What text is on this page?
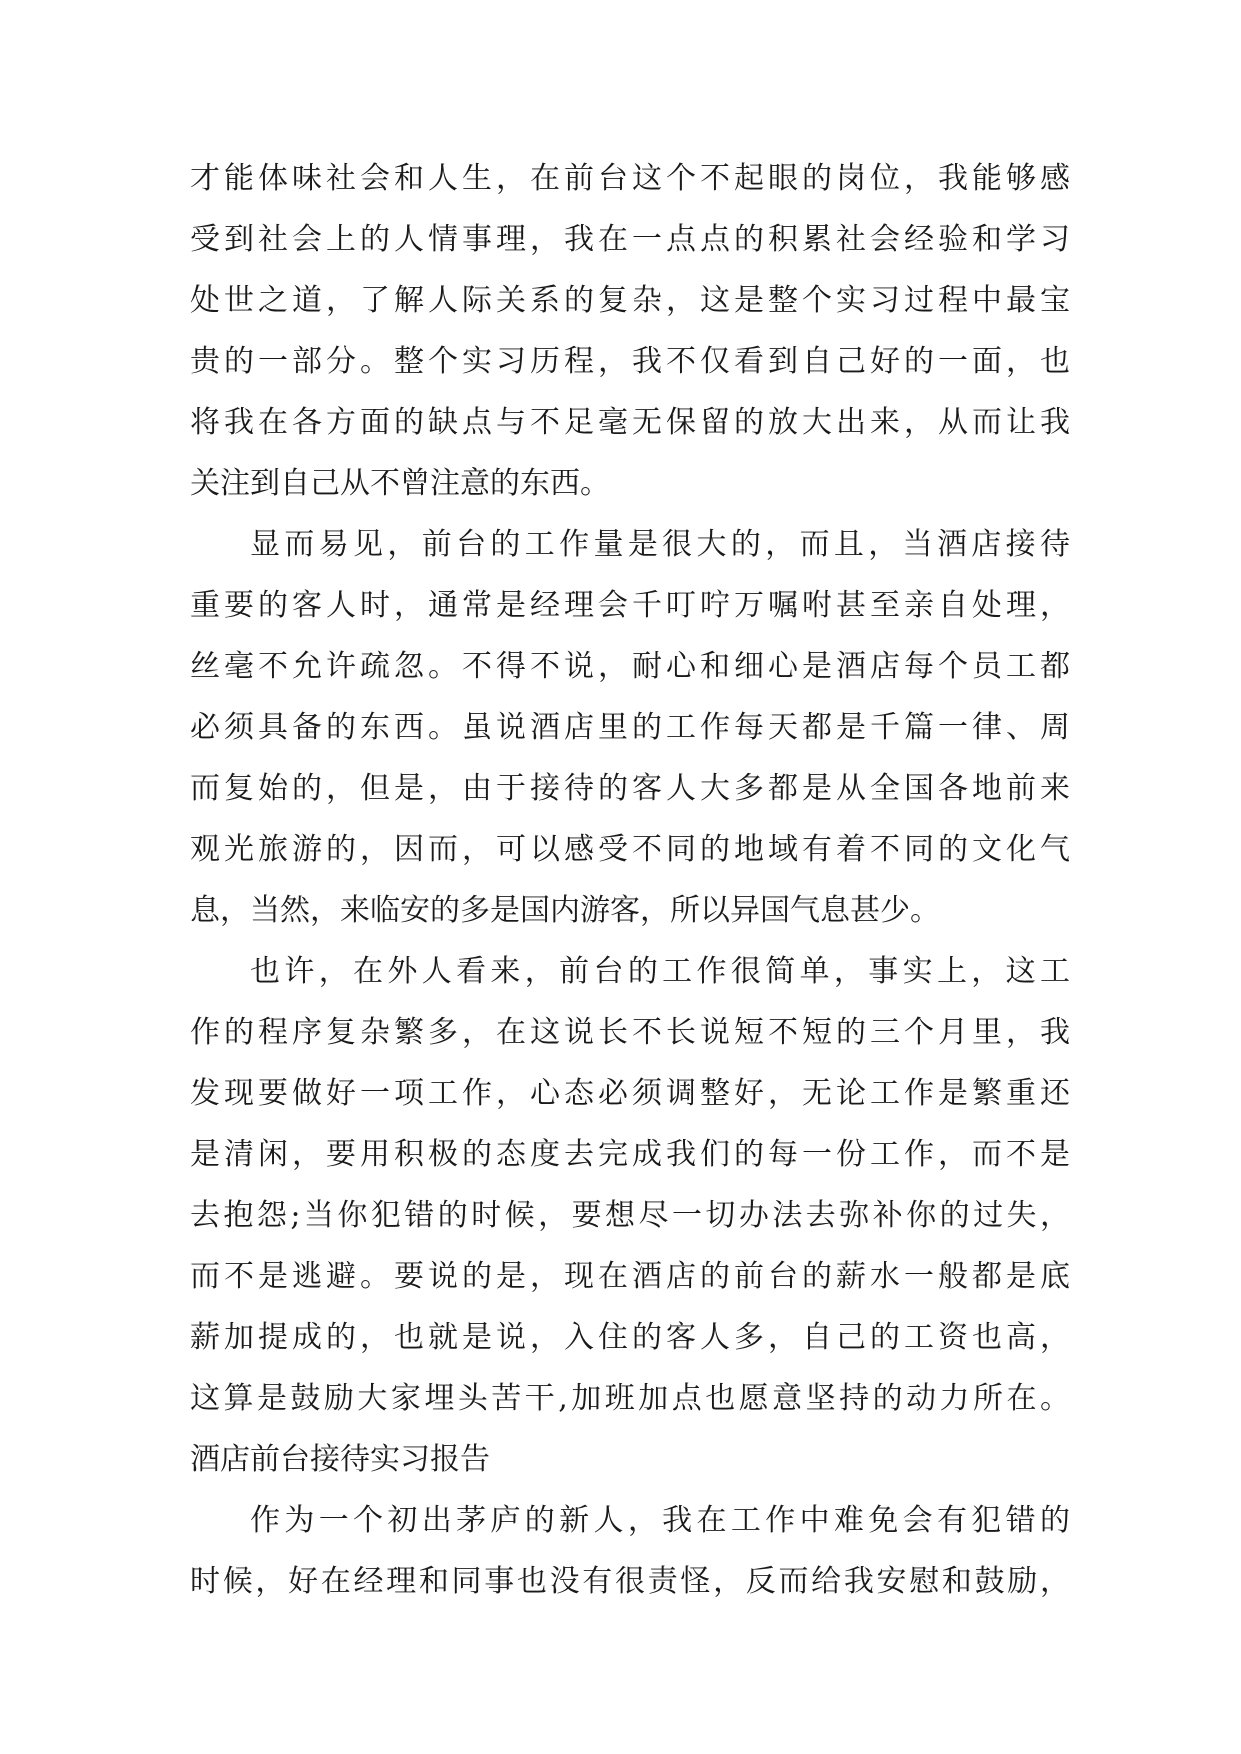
才能体味社会和人生，在前台这个不起眼的岗位，我能够感
受到社会上的人情事理，我在一点点的积累社会经验和学习
处世之道，了解人际关系的复杂，这是整个实习过程中最宝
贵的一部分。整个实习历程，我不仅看到自己好的一面，也
将我在各方面的缺点与不足毫无保留的放大出来，从而让我
关注到自己从不曾注意的东西。
显而易见，前台的工作量是很大的，而且，当酒店接待
重要的客人时，通常是经理会千叮咛万嘱咐甚至亲自处理，
丝毫不允许疏忽。不得不说，耐心和细心是酒店每个员工都
必须具备的东西。虽说酒店里的工作每天都是千篇一律、周
而复始的，但是，由于接待的客人大多都是从全国各地前来
观光旅游的，因而，可以感受不同的地域有着不同的文化气
息，当然，来临安的多是国内游客，所以异国气息甚少。
也许，在外人看来，前台的工作很简单，事实上，这工
作的程序复杂繁多，在这说长不长说短不短的三个月里，我
发现要做好一项工作，心态必须调整好，无论工作是繁重还
是清闲，要用积极的态度去完成我们的每一份工作，而不是
去抱怨;当你犯错的时候，要想尽一切办法去弥补你的过失，
而不是逃避。要说的是，现在酒店的前台的薪水一般都是底
薪加提成的，也就是说，入住的客人多，自己的工资也高，
这算是鼓励大家埋头苦干,加班加点也愿意坚持的动力所在。
酒店前台接待实习报告
作为一个初出茅庐的新人，我在工作中难免会有犯错的
时候，好在经理和同事也没有很责怪，反而给我安慰和鼓励，
